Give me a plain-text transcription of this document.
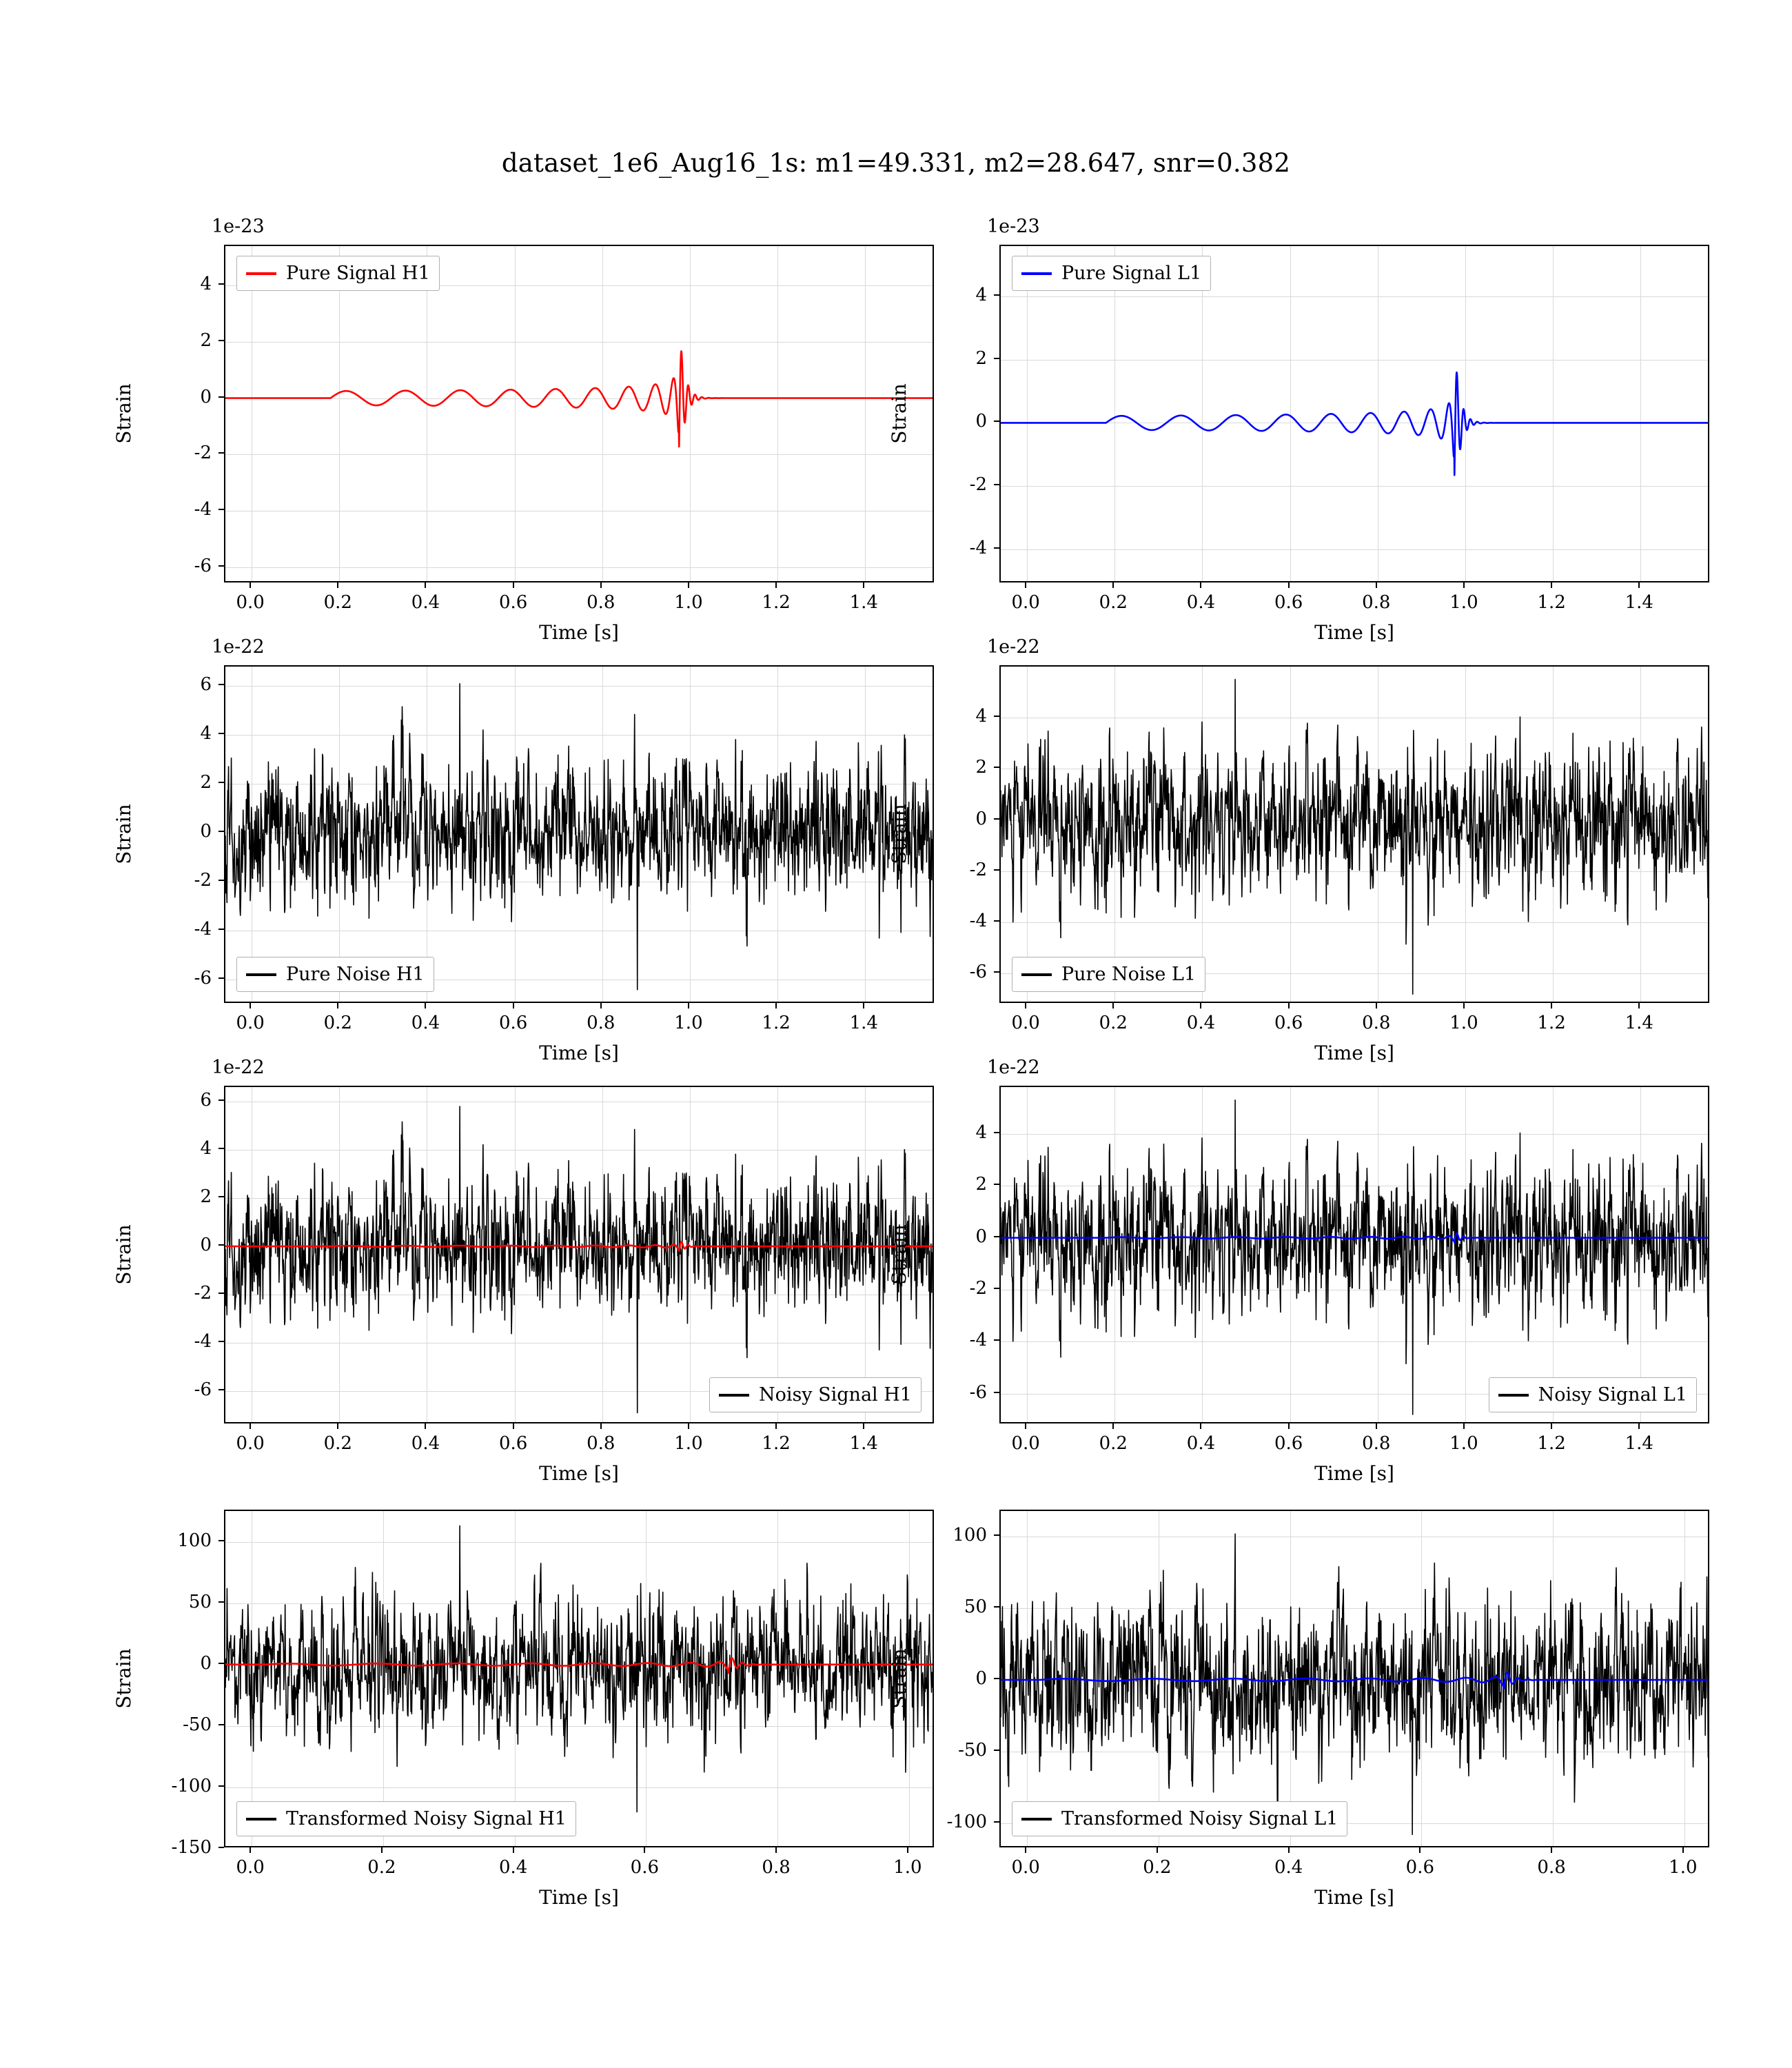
dataset_1e6_Aug16_1s: m1=49.331, m2=28.647, snr=0.382
1e-23
Pure Signal H1
0.0	0.2	0.4	0.6	0.8	1.0	1.2	1.4
-6
-4
-2
0
2
4
Time [s]
Strain
1e-23
Pure Signal L1
0.0	0.2	0.4	0.6	0.8	1.0	1.2	1.4
-4
-2
0
2
4
Time [s]
Strain
1e-22
Pure Noise H1
0.0	0.2	0.4	0.6	0.8	1.0	1.2	1.4
-6
-4
-2
0
2
4
6
Time [s]
Strain
1e-22
Pure Noise L1
0.0	0.2	0.4	0.6	0.8	1.0	1.2	1.4
-6
-4
-2
0
2
4
Time [s]
Strain
1e-22
Noisy Signal H1
0.0	0.2	0.4	0.6	0.8	1.0	1.2	1.4
-6
-4
-2
0
2
4
6
Time [s]
Strain
1e-22
Noisy Signal L1
0.0	0.2	0.4	0.6	0.8	1.0	1.2	1.4
-6
-4
-2
0
2
4
Time [s]
Strain
Transformed Noisy Signal H1
0.0	0.2	0.4	0.6	0.8	1.0
-150
-100
-50
0
50
100
Time [s]
Strain
Transformed Noisy Signal L1
0.0	0.2	0.4	0.6	0.8	1.0
-100
-50
0
50
100
Time [s]
Strain
